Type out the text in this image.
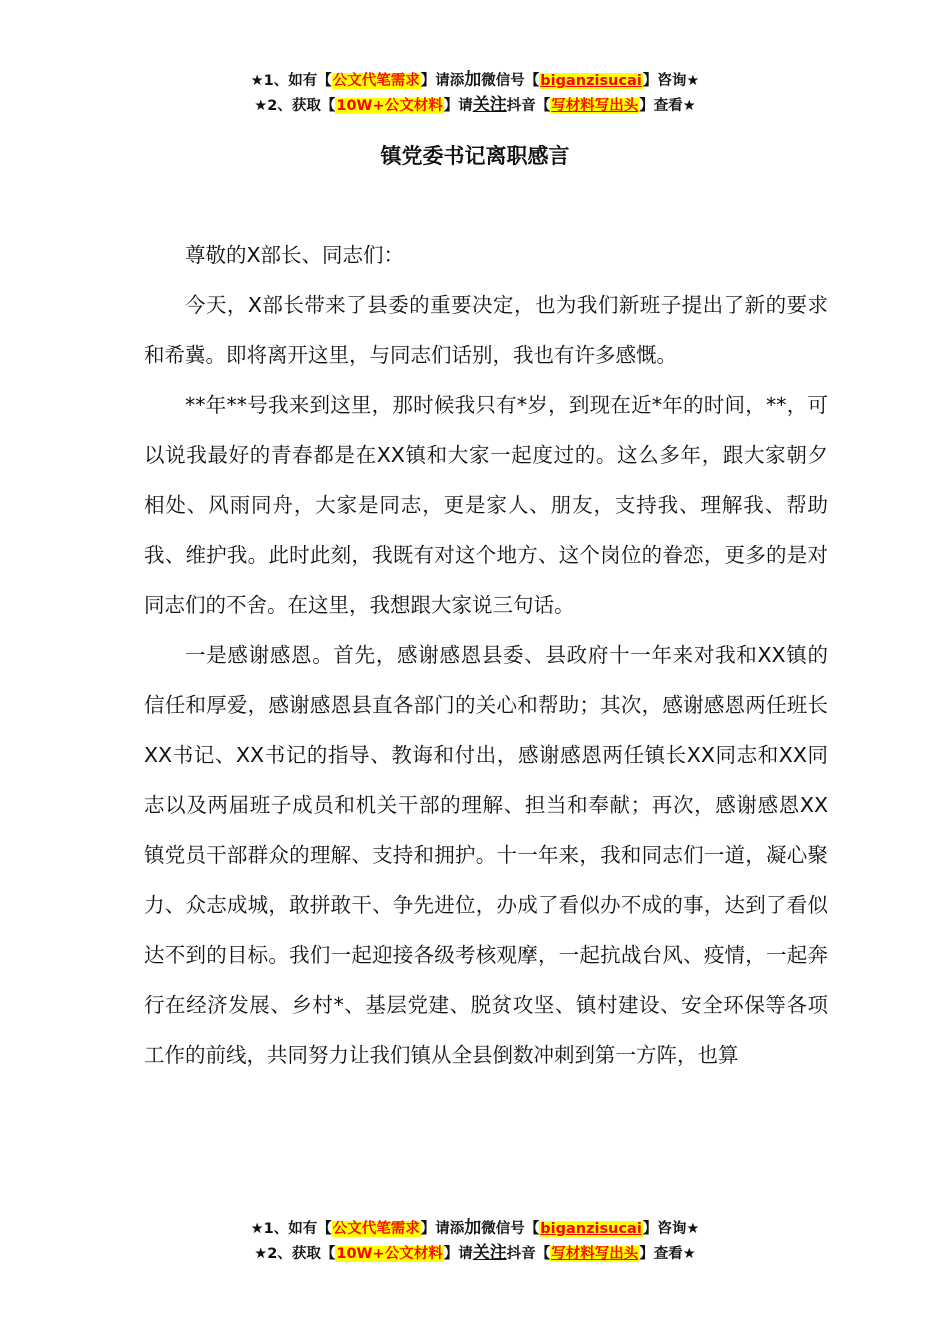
★1、如有【公文代笔需求】请添加微信号【biganzisucai】咨询★
★2、获取【10W+公文材料】请关注抖音【写材料写出头】查看★
镇党委书记离职感言

尊敬的X部长、同志们：

今天，X部长带来了县委的重要决定，也为我们新班子提出了新的要求和希冀。即将离开这里，与同志们话别，我也有许多感慨。

**年**号我来到这里，那时候我只有*岁，到现在近*年的时间，**，可以说我最好的青春都是在XX镇和大家一起度过的。这么多年，跟大家朝夕相处、风雨同舟，大家是同志，更是家人、朋友，支持我、理解我、帮助我、维护我。此时此刻，我既有对这个地方、这个岗位的眷恋，更多的是对同志们的不舍。在这里，我想跟大家说三句话。

一是感谢感恩。首先，感谢感恩县委、县政府十一年来对我和XX镇的信任和厚爱，感谢感恩县直各部门的关心和帮助；其次，感谢感恩两任班长XX书记、XX书记的指导、教诲和付出，感谢感恩两任镇长XX同志和XX同志以及两届班子成员和机关干部的理解、担当和奉献；再次，感谢感恩XX镇党员干部群众的理解、支持和拥护。十一年来，我和同志们一道，凝心聚力、众志成城，敢拼敢干、争先进位，办成了看似办不成的事，达到了看似达不到的目标。我们一起迎接各级考核观摩，一起抗战台风、疫情，一起奔行在经济发展、乡村*、基层党建、脱贫攻坚、镇村建设、安全环保等各项工作的前线，共同努力让我们镇从全县倒数冲刺到第一方阵，也算

★1、如有【公文代笔需求】请添加微信号【biganzisucai】咨询★
★2、获取【10W+公文材料】请关注抖音【写材料写出头】查看★
